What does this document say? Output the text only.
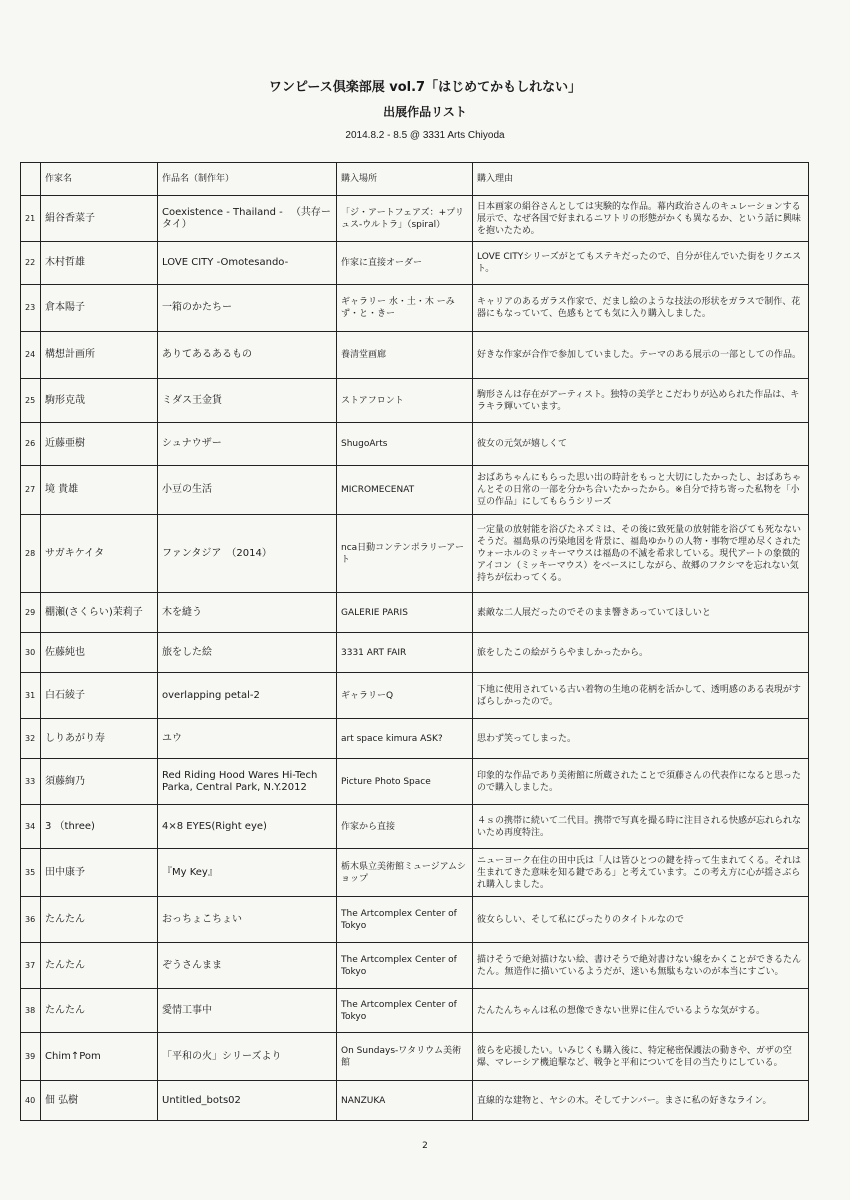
ワンピース倶楽部展 vol.7「はじめてかもしれない」
出展作品リスト
2014.8.2 - 8.5 @ 3331 Arts Chiyoda
	作家名	作品名（制作年）	購入場所	購入理由
21	絹谷香菜子	Coexistence - Thailand - 　（共存ータイ）	「ジ・アートフェアズ：+プリュス-ウルトラ」（spiral）	日本画家の絹谷さんとしては実験的な作品。幕内政治さんのキュレーションする展示で、なぜ各国で好まれるニワトリの形態がかくも異なるか、という話に興味を抱いたため。
22	木村哲雄	LOVE CITY -Omotesando-	作家に直接オーダー	LOVE CITYシリーズがとてもステキだったので、自分が住んでいた街をリクエスト。
23	倉本陽子	一箱のかたちー	ギャラリー 水・土・木 ーみず・と・きー	キャリアのあるガラス作家で、だまし絵のような技法の形状をガラスで制作、花器にもなっていて、色感もとても気に入り購入しました。
24	構想計画所	ありてあるあるもの	養清堂画廊	好きな作家が合作で参加していました。テーマのある展示の一部としての作品。
25	駒形克哉	ミダス王金貨	ストアフロント	駒形さんは存在がアーティスト。独特の美学とこだわりが込められた作品は、キラキラ輝いています。
26	近藤亜樹	シュナウザー	ShugoArts	彼女の元気が嬉しくて
27	境 貴雄	小豆の生活	MICROMECENAT	おばあちゃんにもらった思い出の時計をもっと大切にしたかったし、おばあちゃんとその日常の一部を分かち合いたかったから。※自分で持ち寄った私物を「小豆の作品」にしてもらうシリーズ
28	サガキケイタ	ファンタジア　（2014）	nca日動コンテンポラリーアート	一定量の放射能を浴びたネズミは、その後に致死量の放射能を浴びても死なないそうだ。福島県の汚染地図を背景に、福島ゆかりの人物・事物で埋め尽くされたウォーホルのミッキーマウスは福島の不滅を希求している。現代アートの象徴的アイコン（ミッキーマウス）をベースにしながら、故郷のフクシマを忘れない気持ちが伝わってくる。
29	棚瀬(さくらい)茉莉子	木を縫う	GALERIE PARIS	素敵な二人展だったのでそのまま響きあっていてほしいと
30	佐藤純也	旅をした絵	3331 ART FAIR	旅をしたこの絵がうらやましかったから。
31	白石綾子	overlapping petal-2	ギャラリーQ	下地に使用されている古い着物の生地の花柄を活かして、透明感のある表現がすばらしかったので。
32	しりあがり寿	ユウ	art space kimura ASK?	思わず笑ってしまった。
33	須藤絢乃	Red Riding Hood Wares Hi-Tech Parka, Central Park, N.Y.2012	Picture Photo Space	印象的な作品であり美術館に所蔵されたことで須藤さんの代表作になると思ったので購入しました。
34	3 （three)	4×8 EYES(Right eye)	作家から直接	４ｓの携帯に続いて二代目。携帯で写真を撮る時に注目される快感が忘れられないため再度特注。
35	田中康予	『My Key』	栃木県立美術館ミュージアムショップ	ニューヨーク在住の田中氏は「人は皆ひとつの鍵を持って生まれてくる。それは生まれてきた意味を知る鍵である」と考えています。この考え方に心が揺さぶられ購入しました。
36	たんたん	おっちょこちょい	The Artcomplex Center of Tokyo	彼女らしい、そして私にぴったりのタイトルなので
37	たんたん	ぞうさんまま	The Artcomplex Center of Tokyo	描けそうで絶対描けない絵、書けそうで絶対書けない線をかくことができるたんたん。無造作に描いているようだが、迷いも無駄もないのが本当にすごい。
38	たんたん	愛情工事中	The Artcomplex Center of Tokyo	たんたんちゃんは私の想像できない世界に住んでいるような気がする。
39	Chim↑Pom	「平和の火」シリーズより	On Sundays-ワタリウム美術館	彼らを応援したい。いみじくも購入後に、特定秘密保護法の動きや、ガザの空爆、マレーシア機追撃など、戦争と平和についてを目の当たりにしている。
40	佃 弘樹	Untitled_bots02	NANZUKA	直線的な建物と、ヤシの木。そしてナンバー。まさに私の好きなライン。
2
